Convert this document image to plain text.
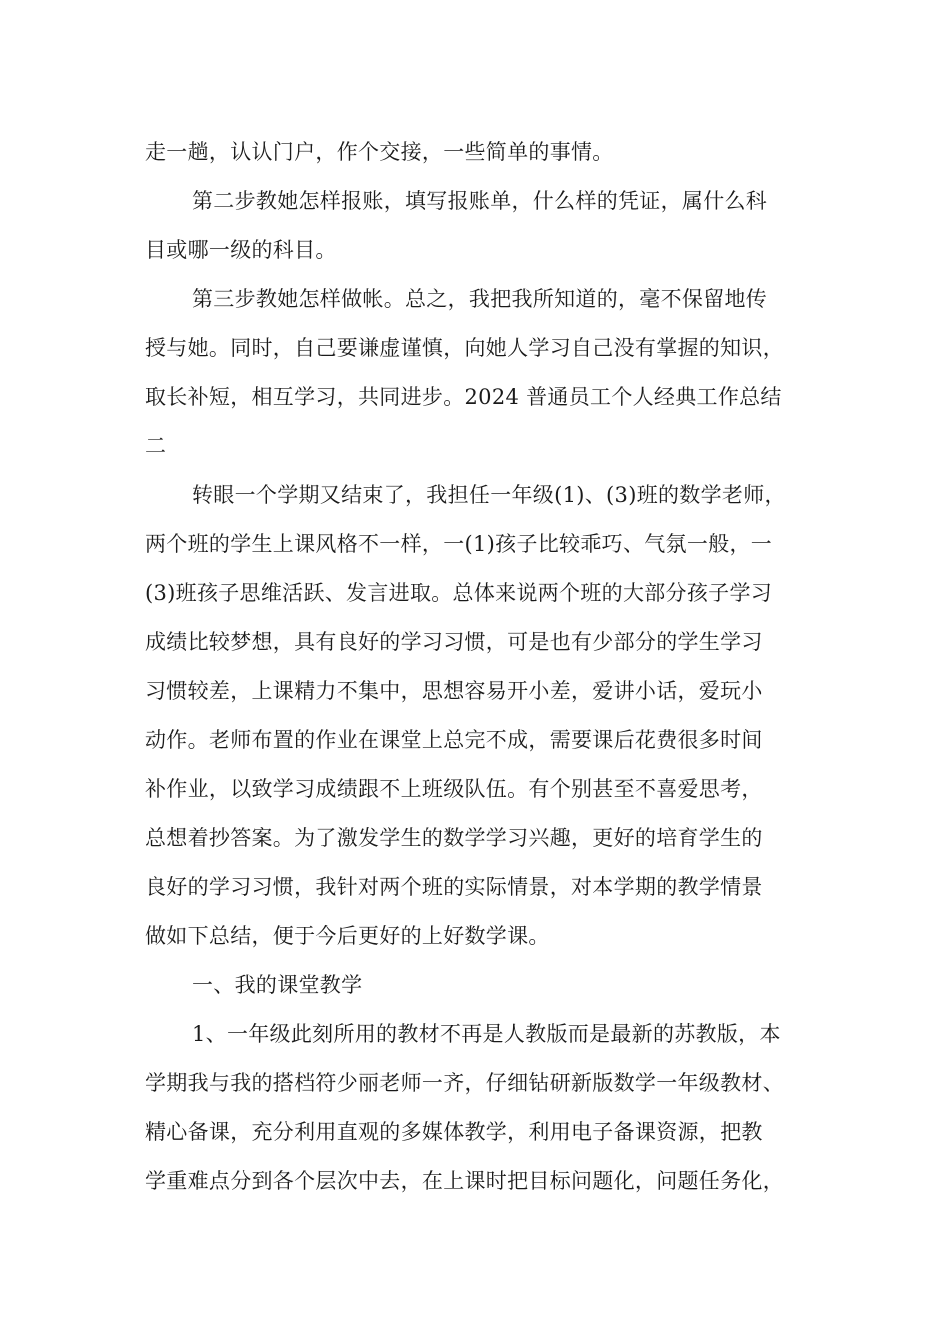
走一趟，认认门户，作个交接，一些简单的事情。
第二步教她怎样报账，填写报账单，什么样的凭证，属什么科
目或哪一级的科目。
第三步教她怎样做帐。总之，我把我所知道的，毫不保留地传
授与她。同时，自己要谦虚谨慎，向她人学习自己没有掌握的知识，
取长补短，相互学习，共同进步。2024 普通员工个人经典工作总结
二
转眼一个学期又结束了，我担任一年级(1)、(3)班的数学老师，
两个班的学生上课风格不一样，一(1)孩子比较乖巧、气氛一般，一
(3)班孩子思维活跃、发言进取。总体来说两个班的大部分孩子学习
成绩比较梦想，具有良好的学习习惯，可是也有少部分的学生学习
习惯较差，上课精力不集中，思想容易开小差，爱讲小话，爱玩小
动作。老师布置的作业在课堂上总完不成，需要课后花费很多时间
补作业，以致学习成绩跟不上班级队伍。有个别甚至不喜爱思考，
总想着抄答案。为了激发学生的数学学习兴趣，更好的培育学生的
良好的学习习惯，我针对两个班的实际情景，对本学期的教学情景
做如下总结，便于今后更好的上好数学课。
一、我的课堂教学
1、一年级此刻所用的教材不再是人教版而是最新的苏教版，本
学期我与我的搭档符少丽老师一齐，仔细钻研新版数学一年级教材、
精心备课，充分利用直观的多媒体教学，利用电子备课资源，把教
学重难点分到各个层次中去，在上课时把目标问题化，问题任务化，
